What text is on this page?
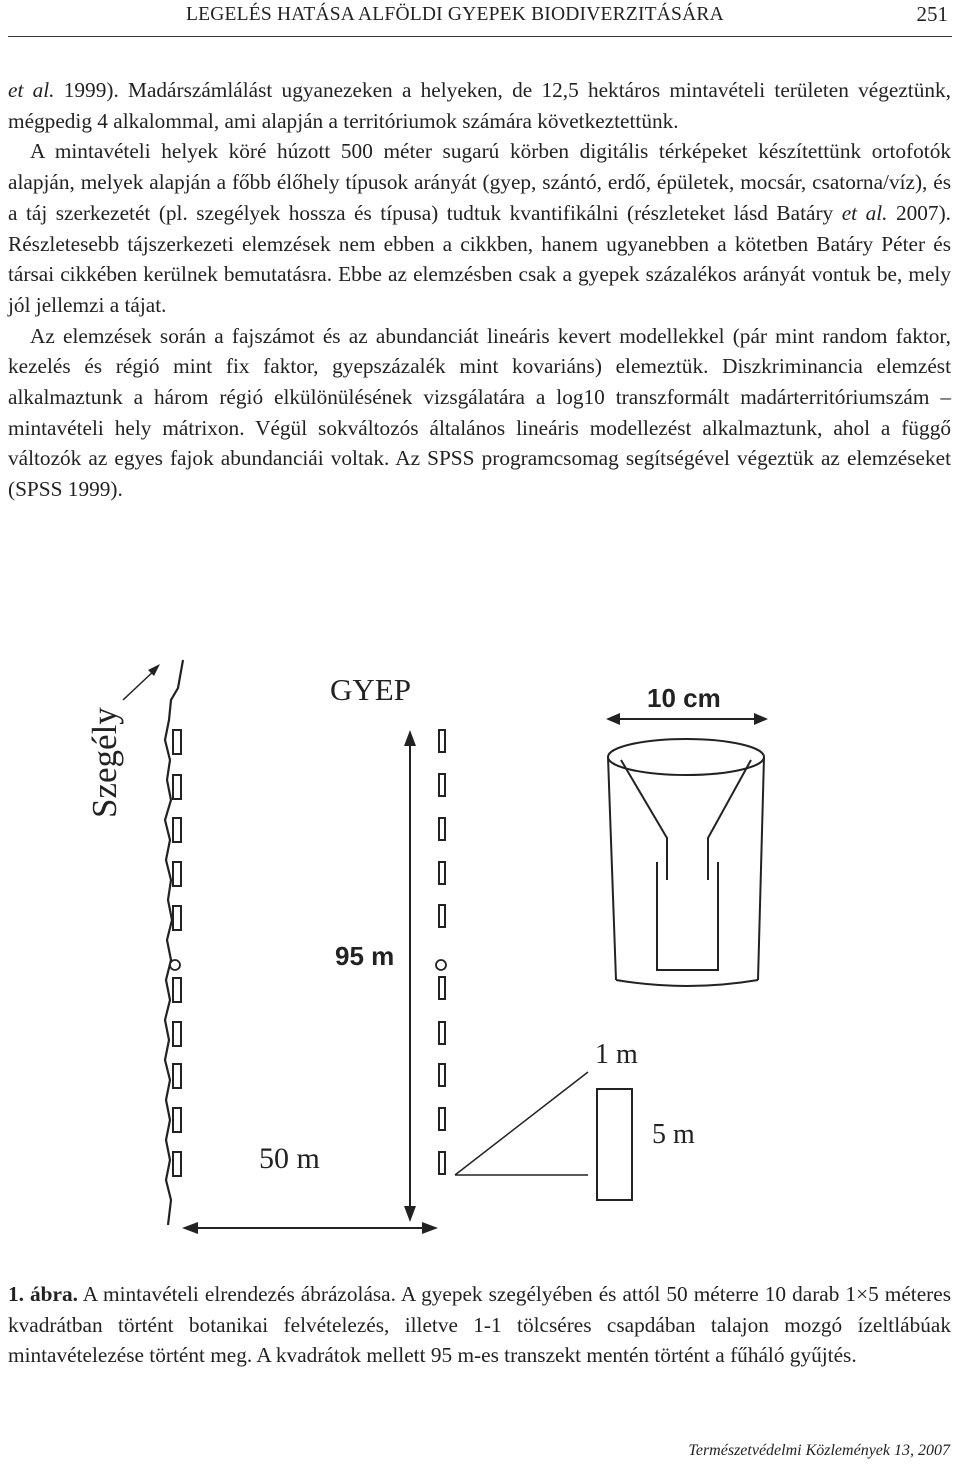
LEGELÉS HATÁSA ALFÖLDI GYEPEK BIODIVERZITÁSÁRA	251

et al. 1999). Madárszámlálást ugyanezeken a helyeken, de 12,5 hektáros mintavételi területen végeztünk, mégpedig 4 alkalommal, ami alapján a territóriumok számára következtettünk.

A mintavételi helyek köré húzott 500 méter sugarú körben digitális térképeket készítettünk ortofotók alapján, melyek alapján a főbb élőhely típusok arányát (gyep, szántó, erdő, épületek, mocsár, csatorna/víz), és a táj szerkezetét (pl. szegélyek hossza és típusa) tudtuk kvantifikálni (részleteket lásd Batáry et al. 2007). Részletesebb tájszerkezeti elemzések nem ebben a cikkben, hanem ugyanebben a kötetben Batáry Péter és társai cikkében kerülnek bemutatásra. Ebbe az elemzésben csak a gyepek százalékos arányát vontuk be, mely jól jellemzi a tájat.

Az elemzések során a fajszámot és az abundanciát lineáris kevert modellekkel (pár mint random faktor, kezelés és régió mint fix faktor, gyepszázalék mint kovariáns) elemeztük. Diszkriminancia elemzést alkalmaztunk a három régió elkülönülésének vizsgálatára a log10 transzformált madárterritóriumszám – mintavételi hely mátrixon. Végül sokváltozós általános lineáris modellezést alkalmaztunk, ahol a függő változók az egyes fajok abundanciái voltak. Az SPSS programcsomag segítségével végeztük az elemzéseket (SPSS 1999).

Szegély
GYEP	10 cm
95 m
1 m
5 m
50 m
1. ábra. A mintavételi elrendezés ábrázolása. A gyepek szegélyében és attól 50 méterre 10 darab 1×5 méteres kvadrátban történt botanikai felvételezés, illetve 1-1 tölcséres csapdában talajon mozgó ízeltlábúak mintavételezése történt meg. A kvadrátok mellett 95 m-es transzekt mentén történt a fűháló gyűjtés.
Természetvédelmi Közlemények 13, 2007
